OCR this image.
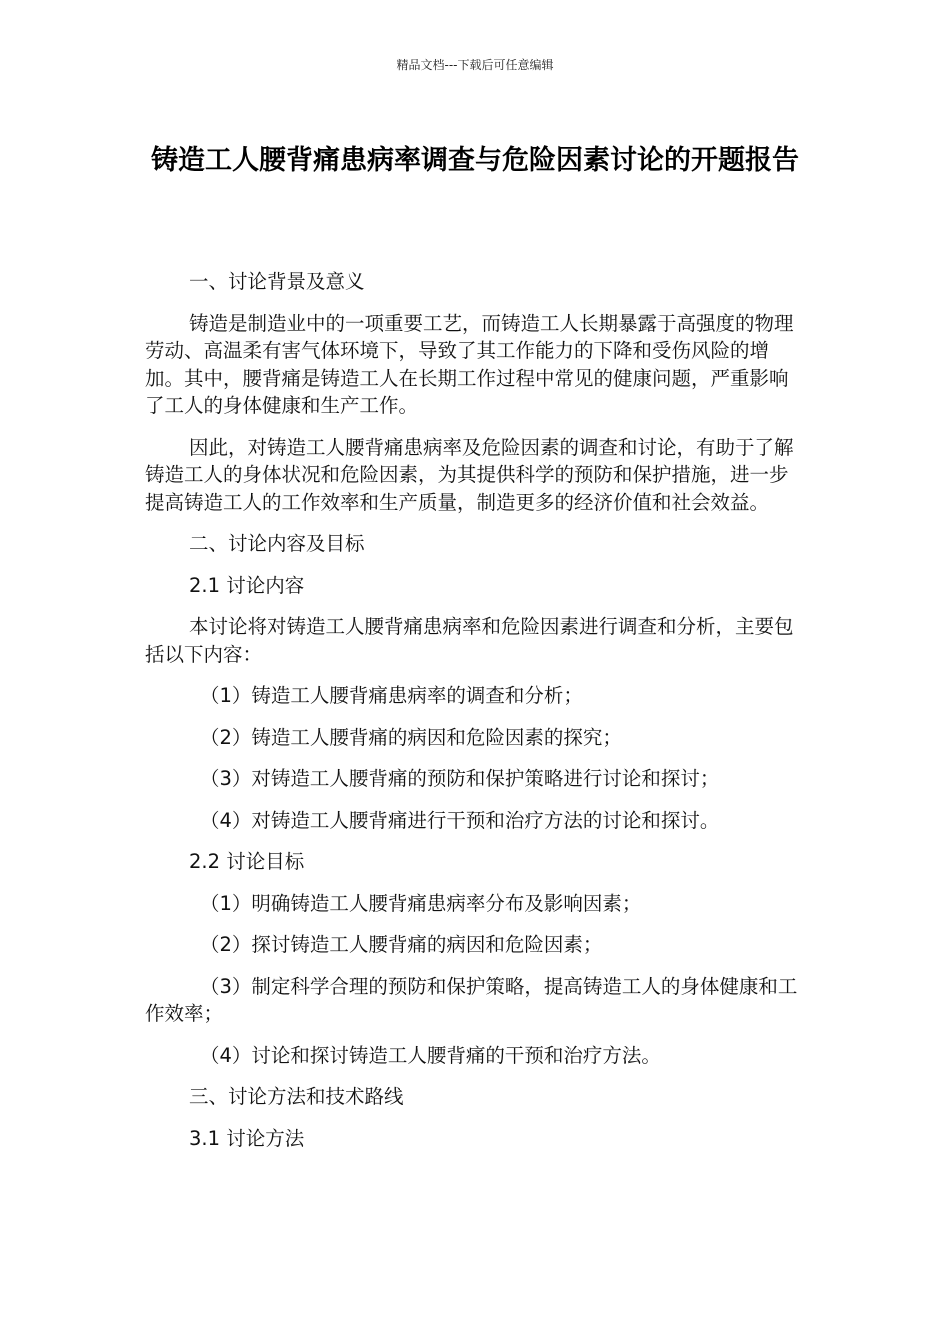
精品文档---下载后可任意编辑
铸造工人腰背痛患病率调查与危险因素讨论的开题报告

一、讨论背景及意义

铸造是制造业中的一项重要工艺，而铸造工人长期暴露于高强度的物理劳动、高温柔有害气体环境下，导致了其工作能力的下降和受伤风险的增加。其中，腰背痛是铸造工人在长期工作过程中常见的健康问题，严重影响了工人的身体健康和生产工作。

因此，对铸造工人腰背痛患病率及危险因素的调查和讨论，有助于了解铸造工人的身体状况和危险因素，为其提供科学的预防和保护措施，进一步提高铸造工人的工作效率和生产质量，制造更多的经济价值和社会效益。

二、讨论内容及目标

2.1 讨论内容

本讨论将对铸造工人腰背痛患病率和危险因素进行调查和分析，主要包括以下内容：

（1）铸造工人腰背痛患病率的调查和分析；

（2）铸造工人腰背痛的病因和危险因素的探究；

（3）对铸造工人腰背痛的预防和保护策略进行讨论和探讨；

（4）对铸造工人腰背痛进行干预和治疗方法的讨论和探讨。

2.2 讨论目标

（1）明确铸造工人腰背痛患病率分布及影响因素；

（2）探讨铸造工人腰背痛的病因和危险因素；

（3）制定科学合理的预防和保护策略，提高铸造工人的身体健康和工作效率；

（4）讨论和探讨铸造工人腰背痛的干预和治疗方法。

三、讨论方法和技术路线

3.1 讨论方法
